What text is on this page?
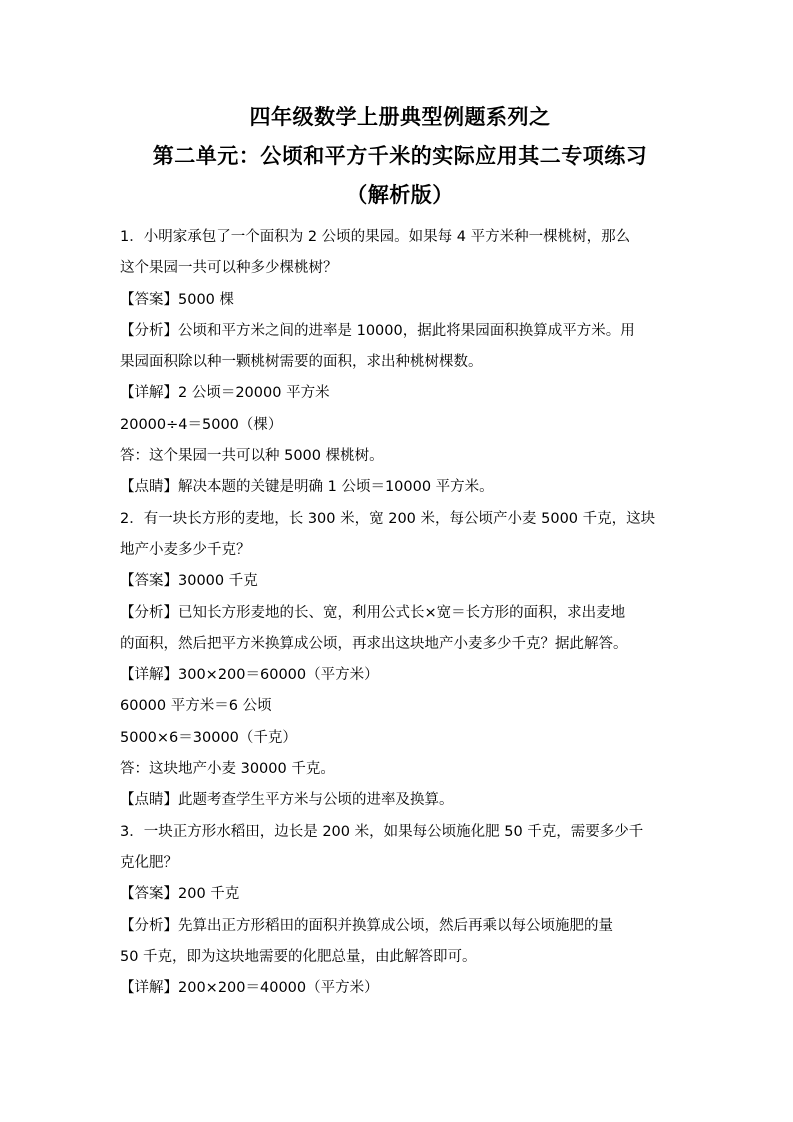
四年级数学上册典型例题系列之

第二单元：公顷和平方千米的实际应用其二专项练习

（解析版）

1．小明家承包了一个面积为 2 公顷的果园。如果每 4 平方米种一棵桃树，那么

这个果园一共可以种多少棵桃树？

【答案】5000 棵

【分析】公顷和平方米之间的进率是 10000，据此将果园面积换算成平方米。用

果园面积除以种一颗桃树需要的面积，求出种桃树棵数。

【详解】2 公顷＝20000 平方米

20000÷4＝5000（棵）

答：这个果园一共可以种 5000 棵桃树。

【点睛】解决本题的关键是明确 1 公顷＝10000 平方米。

2．有一块长方形的麦地，长 300 米，宽 200 米，每公顷产小麦 5000 千克，这块

地产小麦多少千克？

【答案】30000 千克

【分析】已知长方形麦地的长、宽，利用公式长×宽＝长方形的面积，求出麦地

的面积，然后把平方米换算成公顷，再求出这块地产小麦多少千克？据此解答。

【详解】300×200＝60000（平方米）

60000 平方米＝6 公顷

5000×6＝30000（千克）

答：这块地产小麦 30000 千克。

【点睛】此题考查学生平方米与公顷的进率及换算。

3．一块正方形水稻田，边长是 200 米，如果每公顷施化肥 50 千克，需要多少千

克化肥？

【答案】200 千克

【分析】先算出正方形稻田的面积并换算成公顷，然后再乘以每公顷施肥的量

50 千克，即为这块地需要的化肥总量，由此解答即可。

【详解】200×200＝40000（平方米）
